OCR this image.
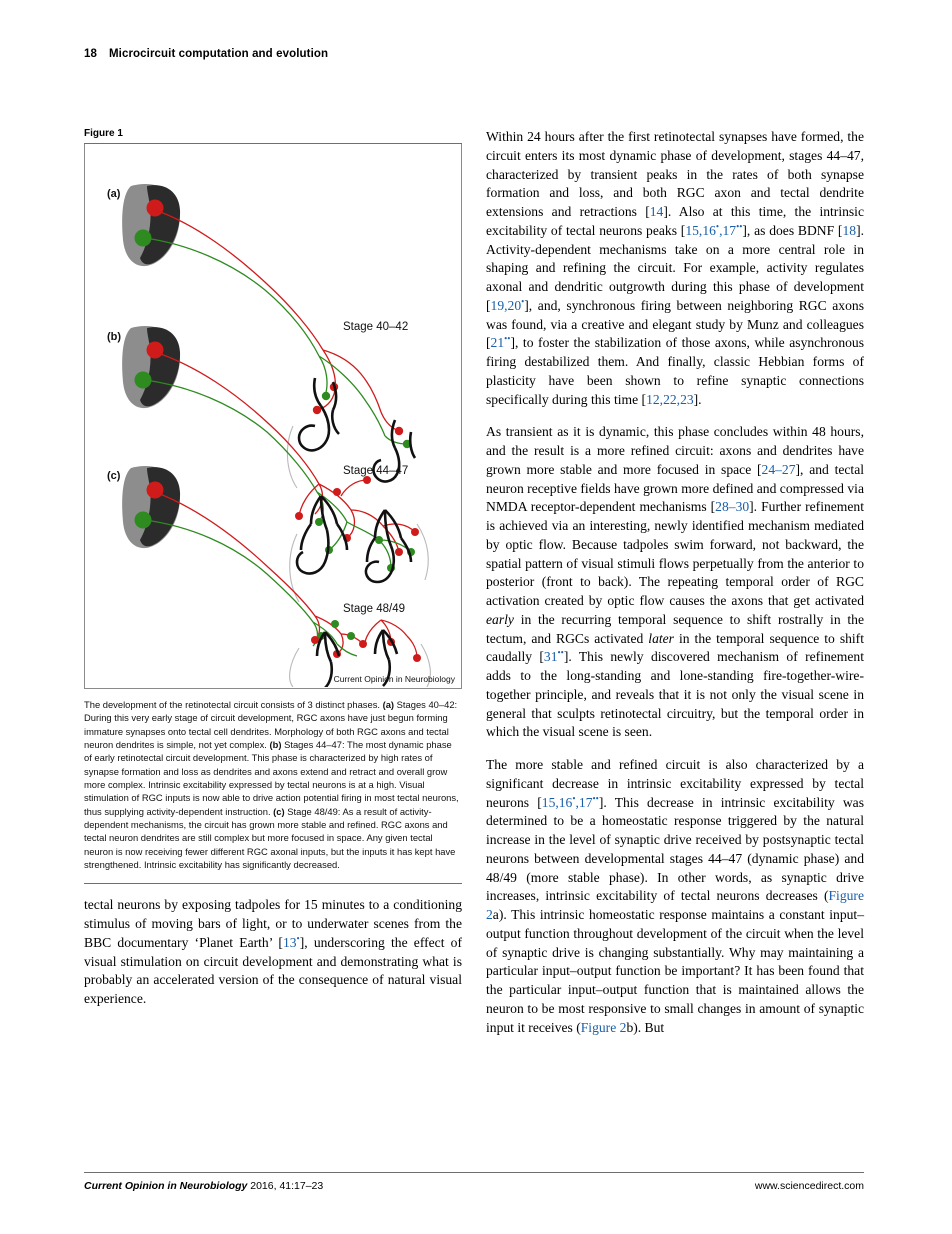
18 Microcircuit computation and evolution
Figure 1
(a)
Stage 40–42
(b)
Stage 44–47
(c)
Stage 48/49
Current Opinion in Neurobiology
The development of the retinotectal circuit consists of 3 distinct phases. (a) Stages 40–42: During this very early stage of circuit development, RGC axons have just begun forming immature synapses onto tectal cell dendrites. Morphology of both RGC axons and tectal neuron dendrites is simple, not yet complex. (b) Stages 44–47: The most dynamic phase of early retinotectal circuit development. This phase is characterized by high rates of synapse formation and loss as dendrites and axons extend and retract and overall grow more complex. Intrinsic excitability expressed by tectal neurons is at a high. Visual stimulation of RGC inputs is now able to drive action potential firing in most tectal neurons, thus supplying activity-dependent instruction. (c) Stage 48/49: As a result of activity-dependent mechanisms, the circuit has grown more stable and refined. RGC axons and tectal neuron dendrites are still complex but more focused in space. Any given tectal neuron is now receiving fewer different RGC axonal inputs, but the inputs it has kept have strengthened. Intrinsic excitability has significantly decreased.

tectal neurons by exposing tadpoles for 15 minutes to a conditioning stimulus of moving bars of light, or to underwater scenes from the BBC documentary ‘Planet Earth’ [13•], underscoring the effect of visual stimulation on circuit development and demonstrating what is probably an accelerated version of the consequence of natural visual experience.

Within 24 hours after the first retinotectal synapses have formed, the circuit enters its most dynamic phase of development, stages 44–47, characterized by transient peaks in the rates of both synapse formation and loss, and both RGC axon and tectal dendrite extensions and retractions [14]. Also at this time, the intrinsic excitability of tectal neurons peaks [15,16•,17••], as does BDNF [18]. Activity-dependent mechanisms take on a more central role in shaping and refining the circuit. For example, activity regulates axonal and dendritic outgrowth during this phase of development [19,20•], and, synchronous firing between neighboring RGC axons was found, via a creative and elegant study by Munz and colleagues [21••], to foster the stabilization of those axons, while asynchronous firing destabilized them. And finally, classic Hebbian forms of plasticity have been shown to refine synaptic connections specifically during this time [12,22,23].

As transient as it is dynamic, this phase concludes within 48 hours, and the result is a more refined circuit: axons and dendrites have grown more stable and more focused in space [24–27], and tectal neuron receptive fields have grown more defined and compressed via NMDA receptor-dependent mechanisms [28–30]. Further refinement is achieved via an interesting, newly identified mechanism mediated by optic flow. Because tadpoles swim forward, not backward, the spatial pattern of visual stimuli flows perpetually from the anterior to posterior (front to back). The repeating temporal order of RGC activation created by optic flow causes the axons that get activated early in the recurring temporal sequence to shift rostrally in the tectum, and RGCs activated later in the temporal sequence to shift caudally [31••]. This newly discovered mechanism of refinement adds to the long-standing and lone-standing fire-together-wire-together principle, and reveals that it is not only the visual scene in general that sculpts retinotectal circuitry, but the temporal order in which the visual scene is seen.

The more stable and refined circuit is also characterized by a significant decrease in intrinsic excitability expressed by tectal neurons [15,16•,17••]. This decrease in intrinsic excitability was determined to be a homeostatic response triggered by the natural increase in the level of synaptic drive received by postsynaptic tectal neurons between developmental stages 44–47 (dynamic phase) and 48/49 (more stable phase). In other words, as synaptic drive increases, intrinsic excitability of tectal neurons decreases (Figure 2a). This intrinsic homeostatic response maintains a constant input–output function throughout development of the circuit when the level of synaptic drive is changing substantially. Why may maintaining a particular input–output function be important? It has been found that the particular input–output function that is maintained allows the neuron to be most responsive to small changes in amount of synaptic input it receives (Figure 2b). But

Current Opinion in Neurobiology 2016, 41:17–23	www.sciencedirect.com
